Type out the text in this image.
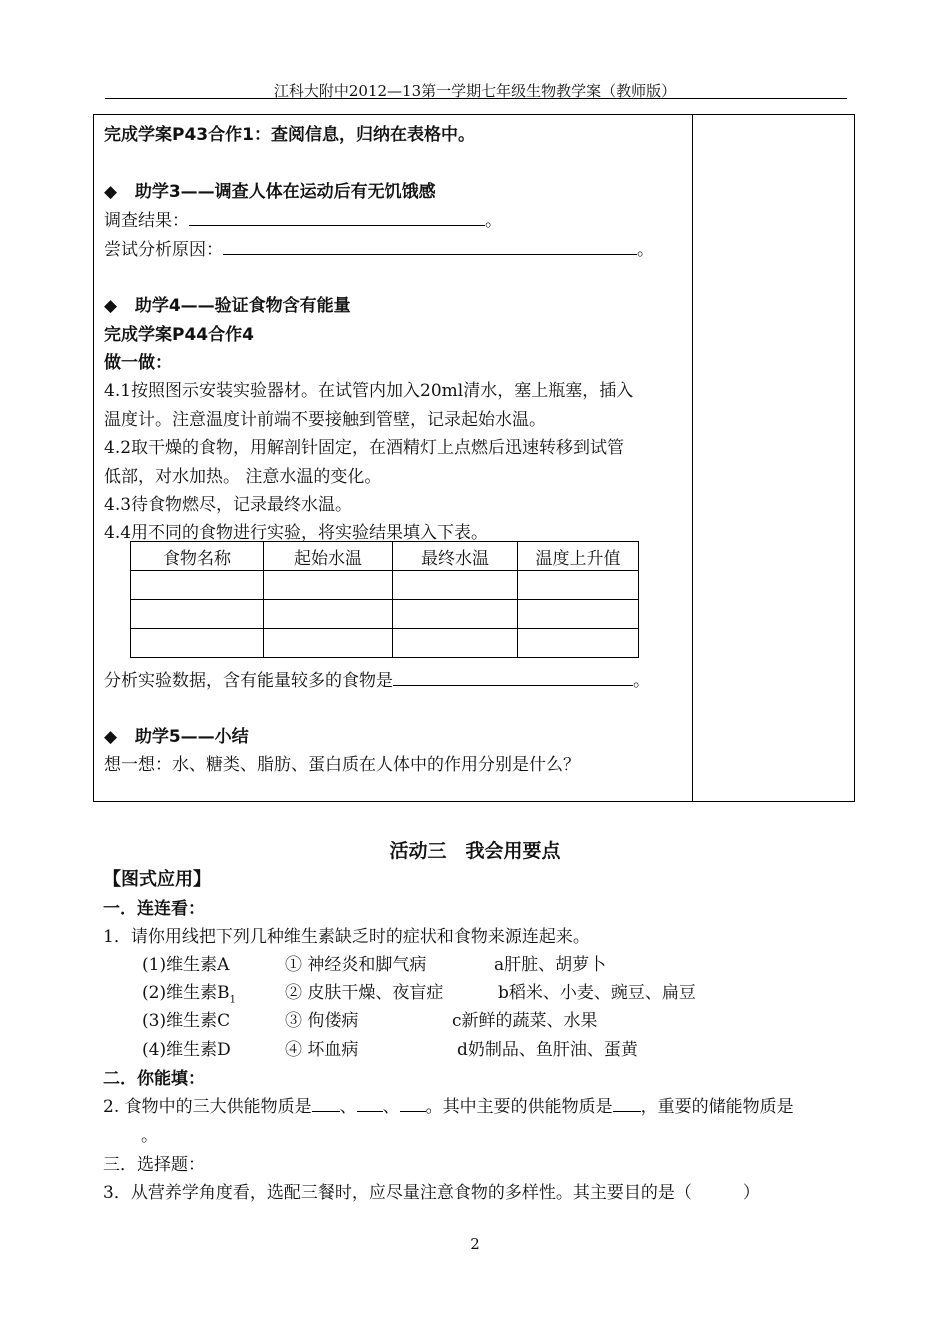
江科大附中2012—13第一学期七年级生物教学案（教师版）
完成学案P43合作1：查阅信息，归纳在表格中。
◆ 助学3——调查人体在运动后有无饥饿感
调查结果：	。
尝试分析原因：	。
◆ 助学4——验证食物含有能量
完成学案P44合作4
做一做：
4.1按照图示安装实验器材。在试管内加入20ml清水，塞上瓶塞，插入
温度计。注意温度计前端不要接触到管壁，记录起始水温。
4.2取干燥的食物，用解剖针固定，在酒精灯上点燃后迅速转移到试管
低部，对水加热。 注意水温的变化。
4.3待食物燃尽，记录最终水温。
4.4用不同的食物进行实验，将实验结果填入下表。
食物名称	起始水温	最终水温	温度上升值

分析实验数据，含有能量较多的食物是	。
◆ 助学5——小结
想一想：水、糖类、脂肪、蛋白质在人体中的作用分别是什么？
活动三　我会用要点
【图式应用】
一．连连看：
1．请你用线把下列几种维生素缺乏时的症状和食物来源连起来。
(1)维生素A	① 神经炎和脚气病	a肝脏、胡萝卜
(2)维生素$B_1$	② 皮肤干燥、夜盲症	b稻米、小麦、豌豆、扁豆
(3)维生素C	③ 佝偻病	c新鲜的蔬菜、水果
(4)维生素D	④ 坏血病	d奶制品、鱼肝油、蛋黄
二．你能填：
2. 食物中的三大供能物质是 、 、 。其中主要的供能物质是 ，重要的储能物质是
。
三．选择题：
3．从营养学角度看，选配三餐时，应尽量注意食物的多样性。其主要目的是（　　　）
2
